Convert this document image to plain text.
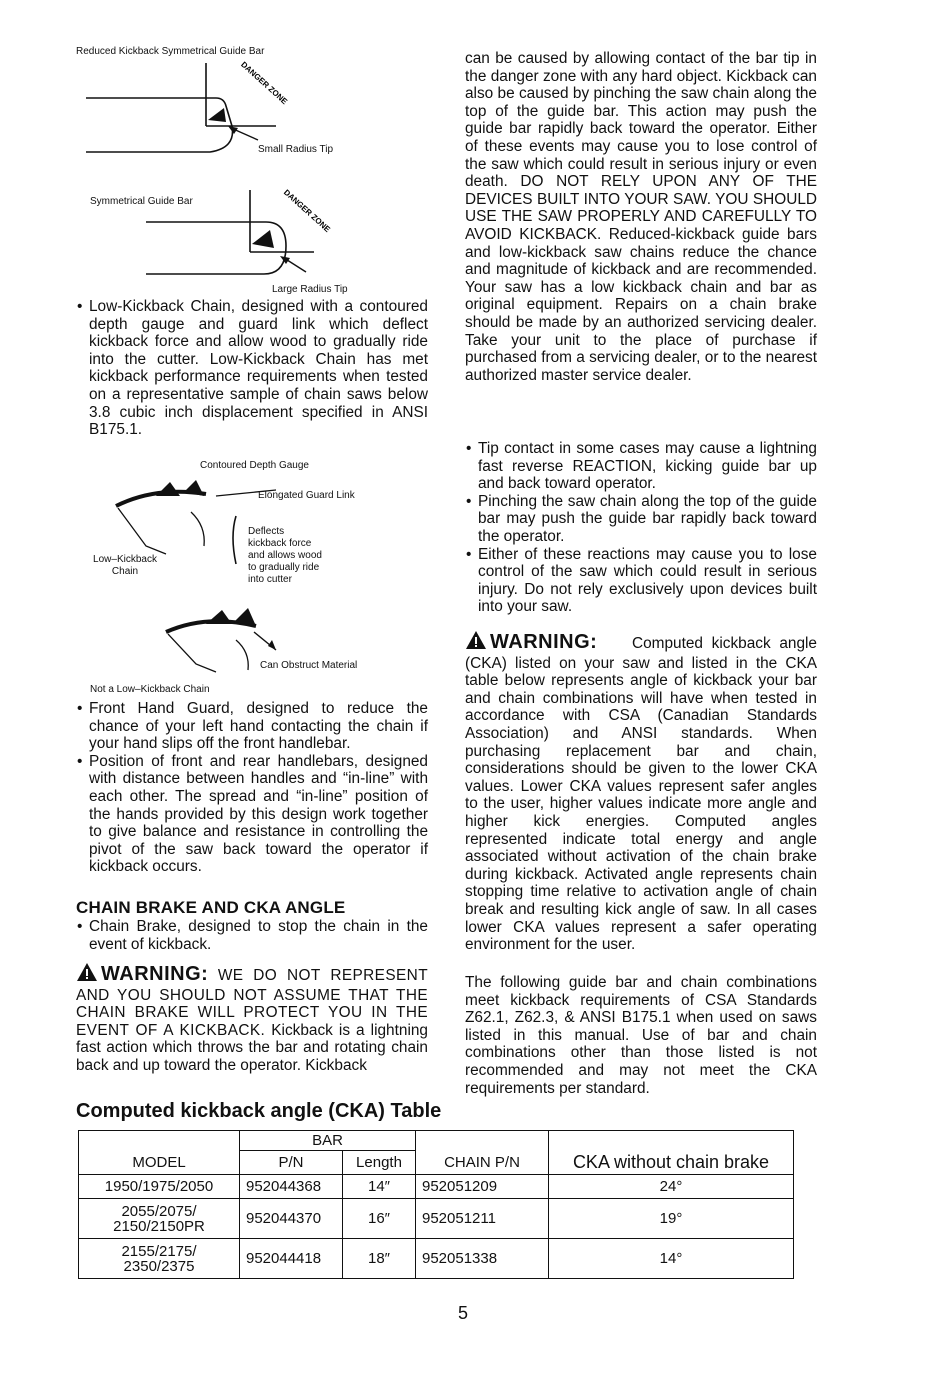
Reduced Kickback Symmetrical Guide Bar
DANGER ZONE
Small Radius Tip
Symmetrical Guide Bar	DANGER ZONE
Large Radius Tip
• Low-Kickback Chain, designed with a contoured depth gauge and guard link which deflect kickback force and allow wood to gradually ride into the cutter. Low-Kickback Chain has met kickback performance requirements when tested on a representative sample of chain saws below 3.8 cubic inch displacement specified in ANSI B175.1.
Contoured Depth Gauge
Elongated Guard Link
Deflects
kickback force
and allows wood
to gradually ride
into cutter
Low–Kickback
Chain
Can Obstruct Material
Not a Low–Kickback Chain
• Front Hand Guard, designed to reduce the chance of your left hand contacting the chain if your hand slips off the front handlebar.
• Position of front and rear handlebars, designed with distance between handles and “in-line” with each other. The spread and “in-line” position of the hands provided by this design work together to give balance and resistance in controlling the pivot of the saw back toward the operator if kickback occurs.
CHAIN BRAKE AND CKA ANGLE
• Chain Brake, designed to stop the chain in the event of kickback.
WARNING: WE DO NOT REPRESENT AND YOU SHOULD NOT ASSUME THAT THE CHAIN BRAKE WILL PROTECT YOU IN THE EVENT OF A KICKBACK. Kickback is a lightning fast action which throws the bar and rotating chain back and up toward the operator. Kickback

can be caused by allowing contact of the bar tip in the danger zone with any hard object. Kickback can also be caused by pinching the saw chain along the top of the guide bar. This action may push the guide bar rapidly back toward the operator. Either of these events may cause you to lose control of the saw which could result in serious injury or even death. DO NOT RELY UPON ANY OF THE DEVICES BUILT INTO YOUR SAW. YOU SHOULD USE THE SAW PROPERLY AND CAREFULLY TO AVOID KICKBACK. Reduced-kickback guide bars and low-kickback saw chains reduce the chance and magnitude of kickback and are recommended. Your saw has a low kickback chain and bar as original equipment. Repairs on a chain brake should be made by an authorized servicing dealer. Take your unit to the place of purchase if purchased from a servicing dealer, or to the nearest authorized master service dealer.

• Tip contact in some cases may cause a lightning fast reverse REACTION, kicking guide bar up and back toward operator.
• Pinching the saw chain along the top of the guide bar may push the guide bar rapidly back toward the operator.
• Either of these reactions may cause you to lose control of the saw which could result in serious injury. Do not rely exclusively upon devices built into your saw.
WARNING: Computed kickback angle (CKA) listed on your saw and listed in the CKA table below represents angle of kickback your bar and chain combinations will have when tested in accordance with CSA (Canadian Standards Association) and ANSI standards. When purchasing replacement bar and chain, considerations should be given to the lower CKA values. Lower CKA values represent safer angles to the user, higher values indicate more angle and higher kick energies. Computed angles represented indicate total energy and angle associated without activation of the chain brake during kickback. Activated angle represents chain stopping time relative to activation angle of chain break and resulting kick angle of saw. In all cases lower CKA values represent a safer operating environment for the user.

The following guide bar and chain combinations meet kickback requirements of CSA Standards Z62.1, Z62.3, & ANSI B175.1 when used on saws listed in this manual. Use of bar and chain combinations other than those listed is not recommended and may not meet the CKA requirements per standard.

Computed kickback angle (CKA) Table
	BAR			
MODEL	P/N	Length	CHAIN P/N	CKA without chain brake
1950/1975/2050	952044368	14″	952051209	24°
2055/2075/
2150/2150PR	952044370	16″	952051211	19°
2155/2175/
2350/2375	952044418	18″	952051338	14°
5
